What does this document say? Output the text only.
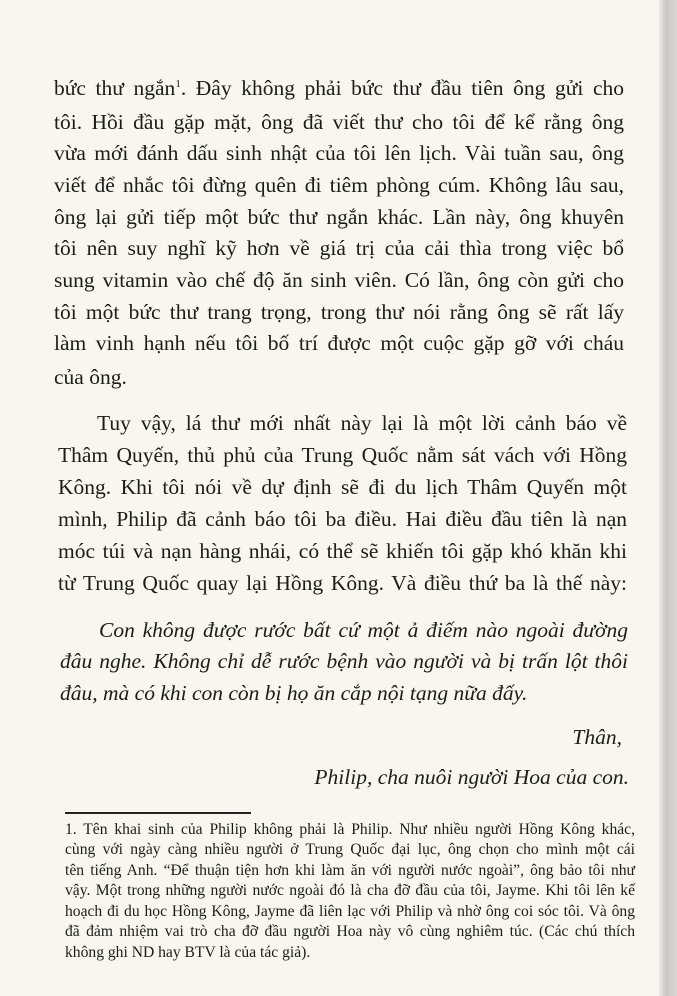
bức thư ngắn$^1$. Đây không phải bức thư đầu tiên ông gửi cho
tôi. Hồi đầu gặp mặt, ông đã viết thư cho tôi để kể rằng ông
vừa mới đánh dấu sinh nhật của tôi lên lịch. Vài tuần sau, ông
viết để nhắc tôi đừng quên đi tiêm phòng cúm. Không lâu sau,
ông lại gửi tiếp một bức thư ngắn khác. Lần này, ông khuyên
tôi nên suy nghĩ kỹ hơn về giá trị của cải thìa trong việc bổ
sung vitamin vào chế độ ăn sinh viên. Có lần, ông còn gửi cho
tôi một bức thư trang trọng, trong thư nói rằng ông sẽ rất lấy
làm vinh hạnh nếu tôi bố trí được một cuộc gặp gỡ với cháu
của ông.
Tuy vậy, lá thư mới nhất này lại là một lời cảnh báo về
Thâm Quyến, thủ phủ của Trung Quốc nằm sát vách với Hồng
Kông. Khi tôi nói về dự định sẽ đi du lịch Thâm Quyến một
mình, Philip đã cảnh báo tôi ba điều. Hai điều đầu tiên là nạn
móc túi và nạn hàng nhái, có thể sẽ khiến tôi gặp khó khăn khi
từ Trung Quốc quay lại Hồng Kông. Và điều thứ ba là thế này:
Con không được rước bất cứ một ả điếm nào ngoài đường
đâu nghe. Không chỉ dễ rước bệnh vào người và bị trấn lột thôi
đâu, mà có khi con còn bị họ ăn cắp nội tạng nữa đấy.
Thân,
Philip, cha nuôi người Hoa của con.
1. Tên khai sinh của Philip không phải là Philip. Như nhiều người Hồng Kông khác,
cùng với ngày càng nhiều người ở Trung Quốc đại lục, ông chọn cho mình một cái
tên tiếng Anh. “Để thuận tiện hơn khi làm ăn với người nước ngoài”, ông bảo tôi như
vậy. Một trong những người nước ngoài đó là cha đỡ đầu của tôi, Jayme. Khi tôi lên kế
hoạch đi du học Hồng Kông, Jayme đã liên lạc với Philip và nhờ ông coi sóc tôi. Và ông
đã đảm nhiệm vai trò cha đỡ đầu người Hoa này vô cùng nghiêm túc. (Các chú thích
không ghi ND hay BTV là của tác giả).
